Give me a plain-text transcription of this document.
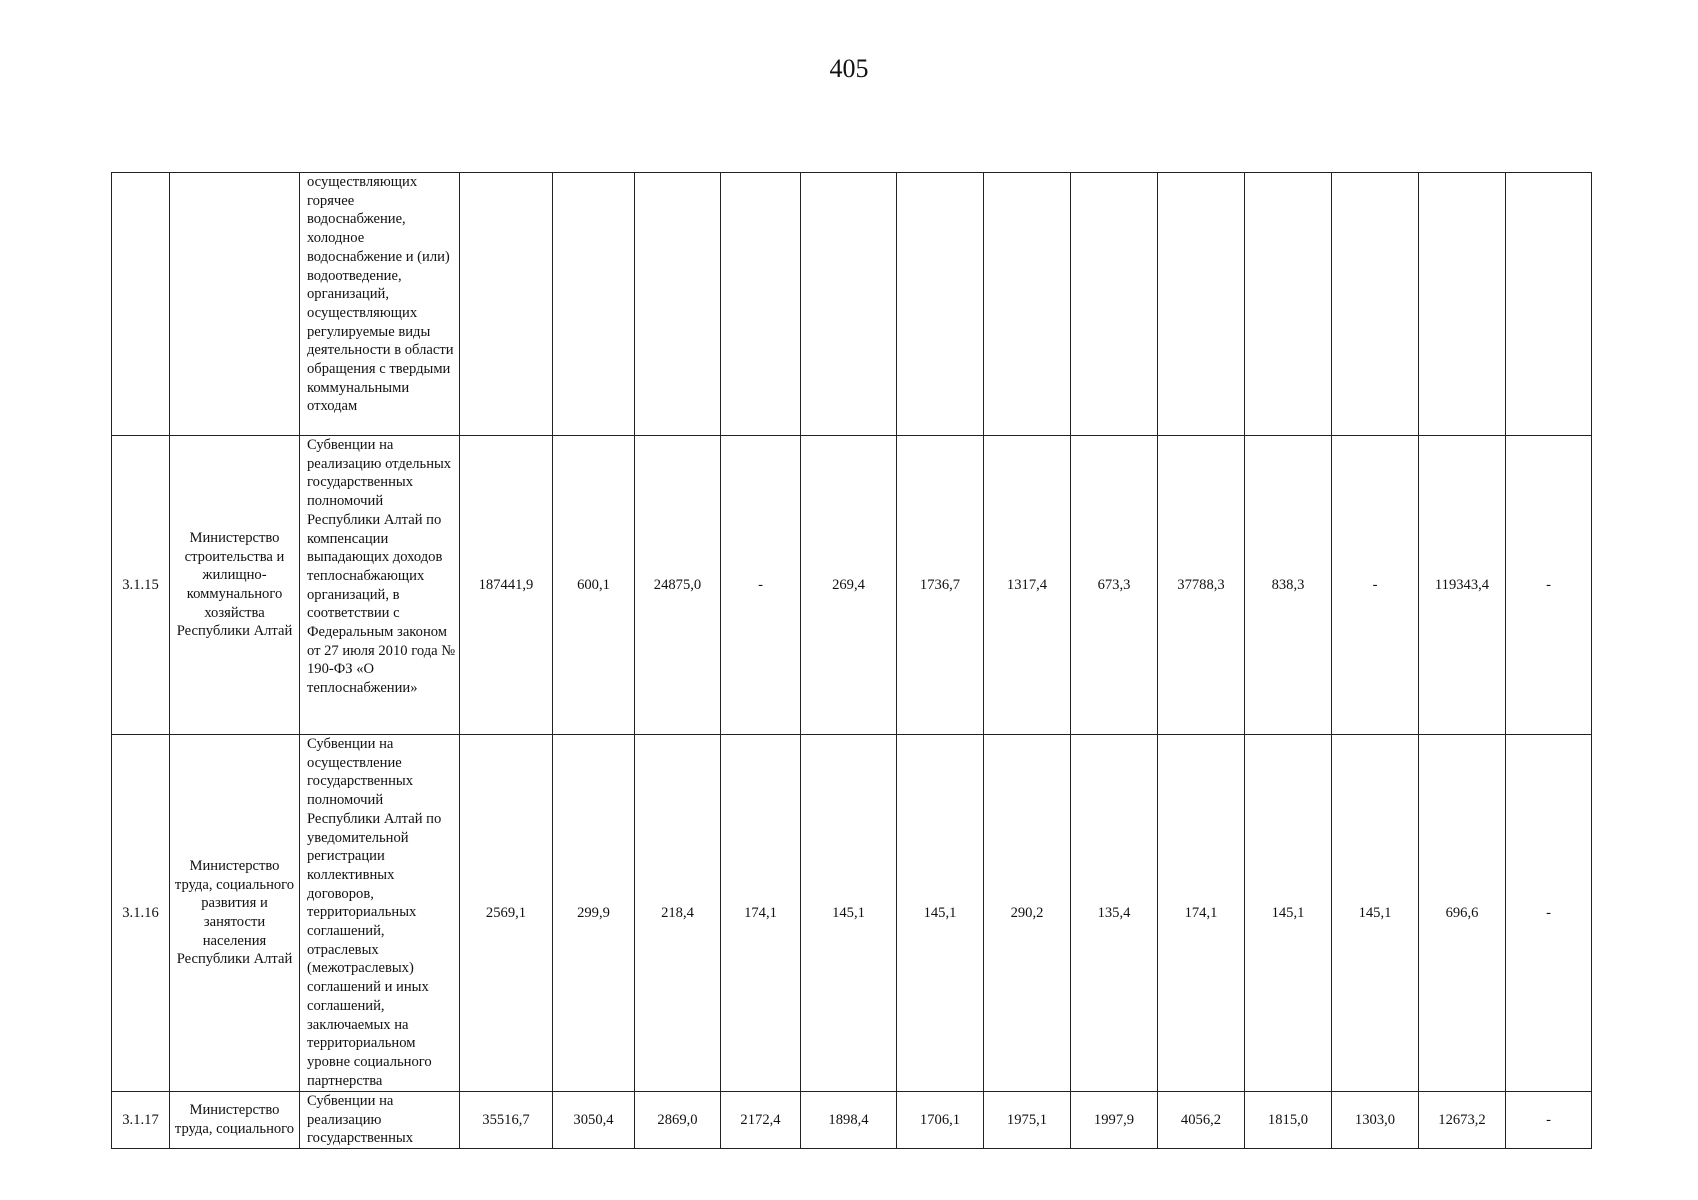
405
		осуществляющих горячее водоснабжение, холодное водоснабжение и (или) водоотведение, организаций, осуществляющих регулируемые виды деятельности в области обращения с твердыми коммунальными отходам													
3.1.15	Министерство строительства и жилищно-коммунального хозяйства Республики Алтай	Субвенции на реализацию отдельных государственных полномочий Республики Алтай по компенсации выпадающих доходов теплоснабжающих организаций, в соответствии с Федеральным законом от 27 июля 2010 года № 190-ФЗ «О теплоснабжении»	187441,9	600,1	24875,0	-	269,4	1736,7	1317,4	673,3	37788,3	838,3	-	119343,4	-
3.1.16	Министерство труда, социального развития и занятости населения Республики Алтай	Субвенции на осуществление государственных полномочий Республики Алтай по уведомительной регистрации коллективных договоров, территориальных соглашений, отраслевых (межотраслевых) соглашений и иных соглашений, заключаемых на территориальном уровне социального партнерства	2569,1	299,9	218,4	174,1	145,1	145,1	290,2	135,4	174,1	145,1	145,1	696,6	-
3.1.17	Министерство труда, социального	Субвенции на реализацию государственных	35516,7	3050,4	2869,0	2172,4	1898,4	1706,1	1975,1	1997,9	4056,2	1815,0	1303,0	12673,2	-
